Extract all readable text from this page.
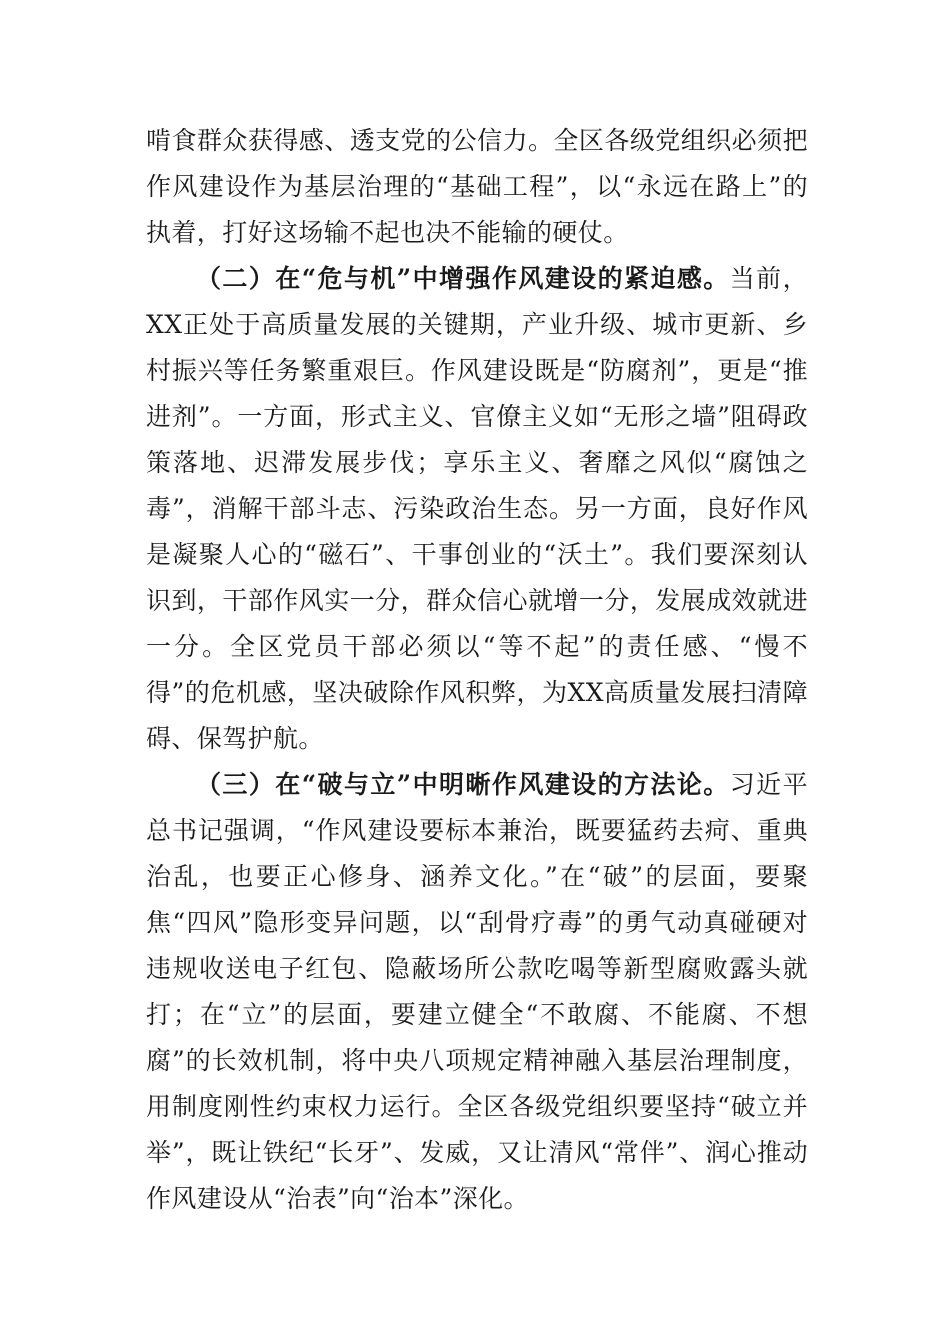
啃食群众获得感、透支党的公信力。全区各级党组织必须把作风建设作为基层治理的“基础工程”，以“永远在路上”的执着，打好这场输不起也决不能输的硬仗。

（二）在“危与机”中增强作风建设的紧迫感。当前，XX正处于高质量发展的关键期，产业升级、城市更新、乡村振兴等任务繁重艰巨。作风建设既是“防腐剂”，更是“推进剂”。一方面，形式主义、官僚主义如“无形之墙”阻碍政策落地、迟滞发展步伐；享乐主义、奢靡之风似“腐蚀之毒”，消解干部斗志、污染政治生态。另一方面，良好作风是凝聚人心的“磁石”、干事创业的“沃土”。我们要深刻认识到，干部作风实一分，群众信心就增一分，发展成效就进一分。全区党员干部必须以“等不起”的责任感、“慢不得”的危机感，坚决破除作风积弊，为XX高质量发展扫清障碍、保驾护航。

（三）在“破与立”中明晰作风建设的方法论。习近平总书记强调，“作风建设要标本兼治，既要猛药去疴、重典治乱，也要正心修身、涵养文化。”在“破”的层面，要聚焦“四风”隐形变异问题，以“刮骨疗毒”的勇气动真碰硬对违规收送电子红包、隐蔽场所公款吃喝等新型腐败露头就打；在“立”的层面，要建立健全“不敢腐、不能腐、不想腐”的长效机制，将中央八项规定精神融入基层治理制度，用制度刚性约束权力运行。全区各级党组织要坚持“破立并举”，既让铁纪“长牙”、发威，又让清风“常伴”、润心推动作风建设从“治表”向“治本”深化。
